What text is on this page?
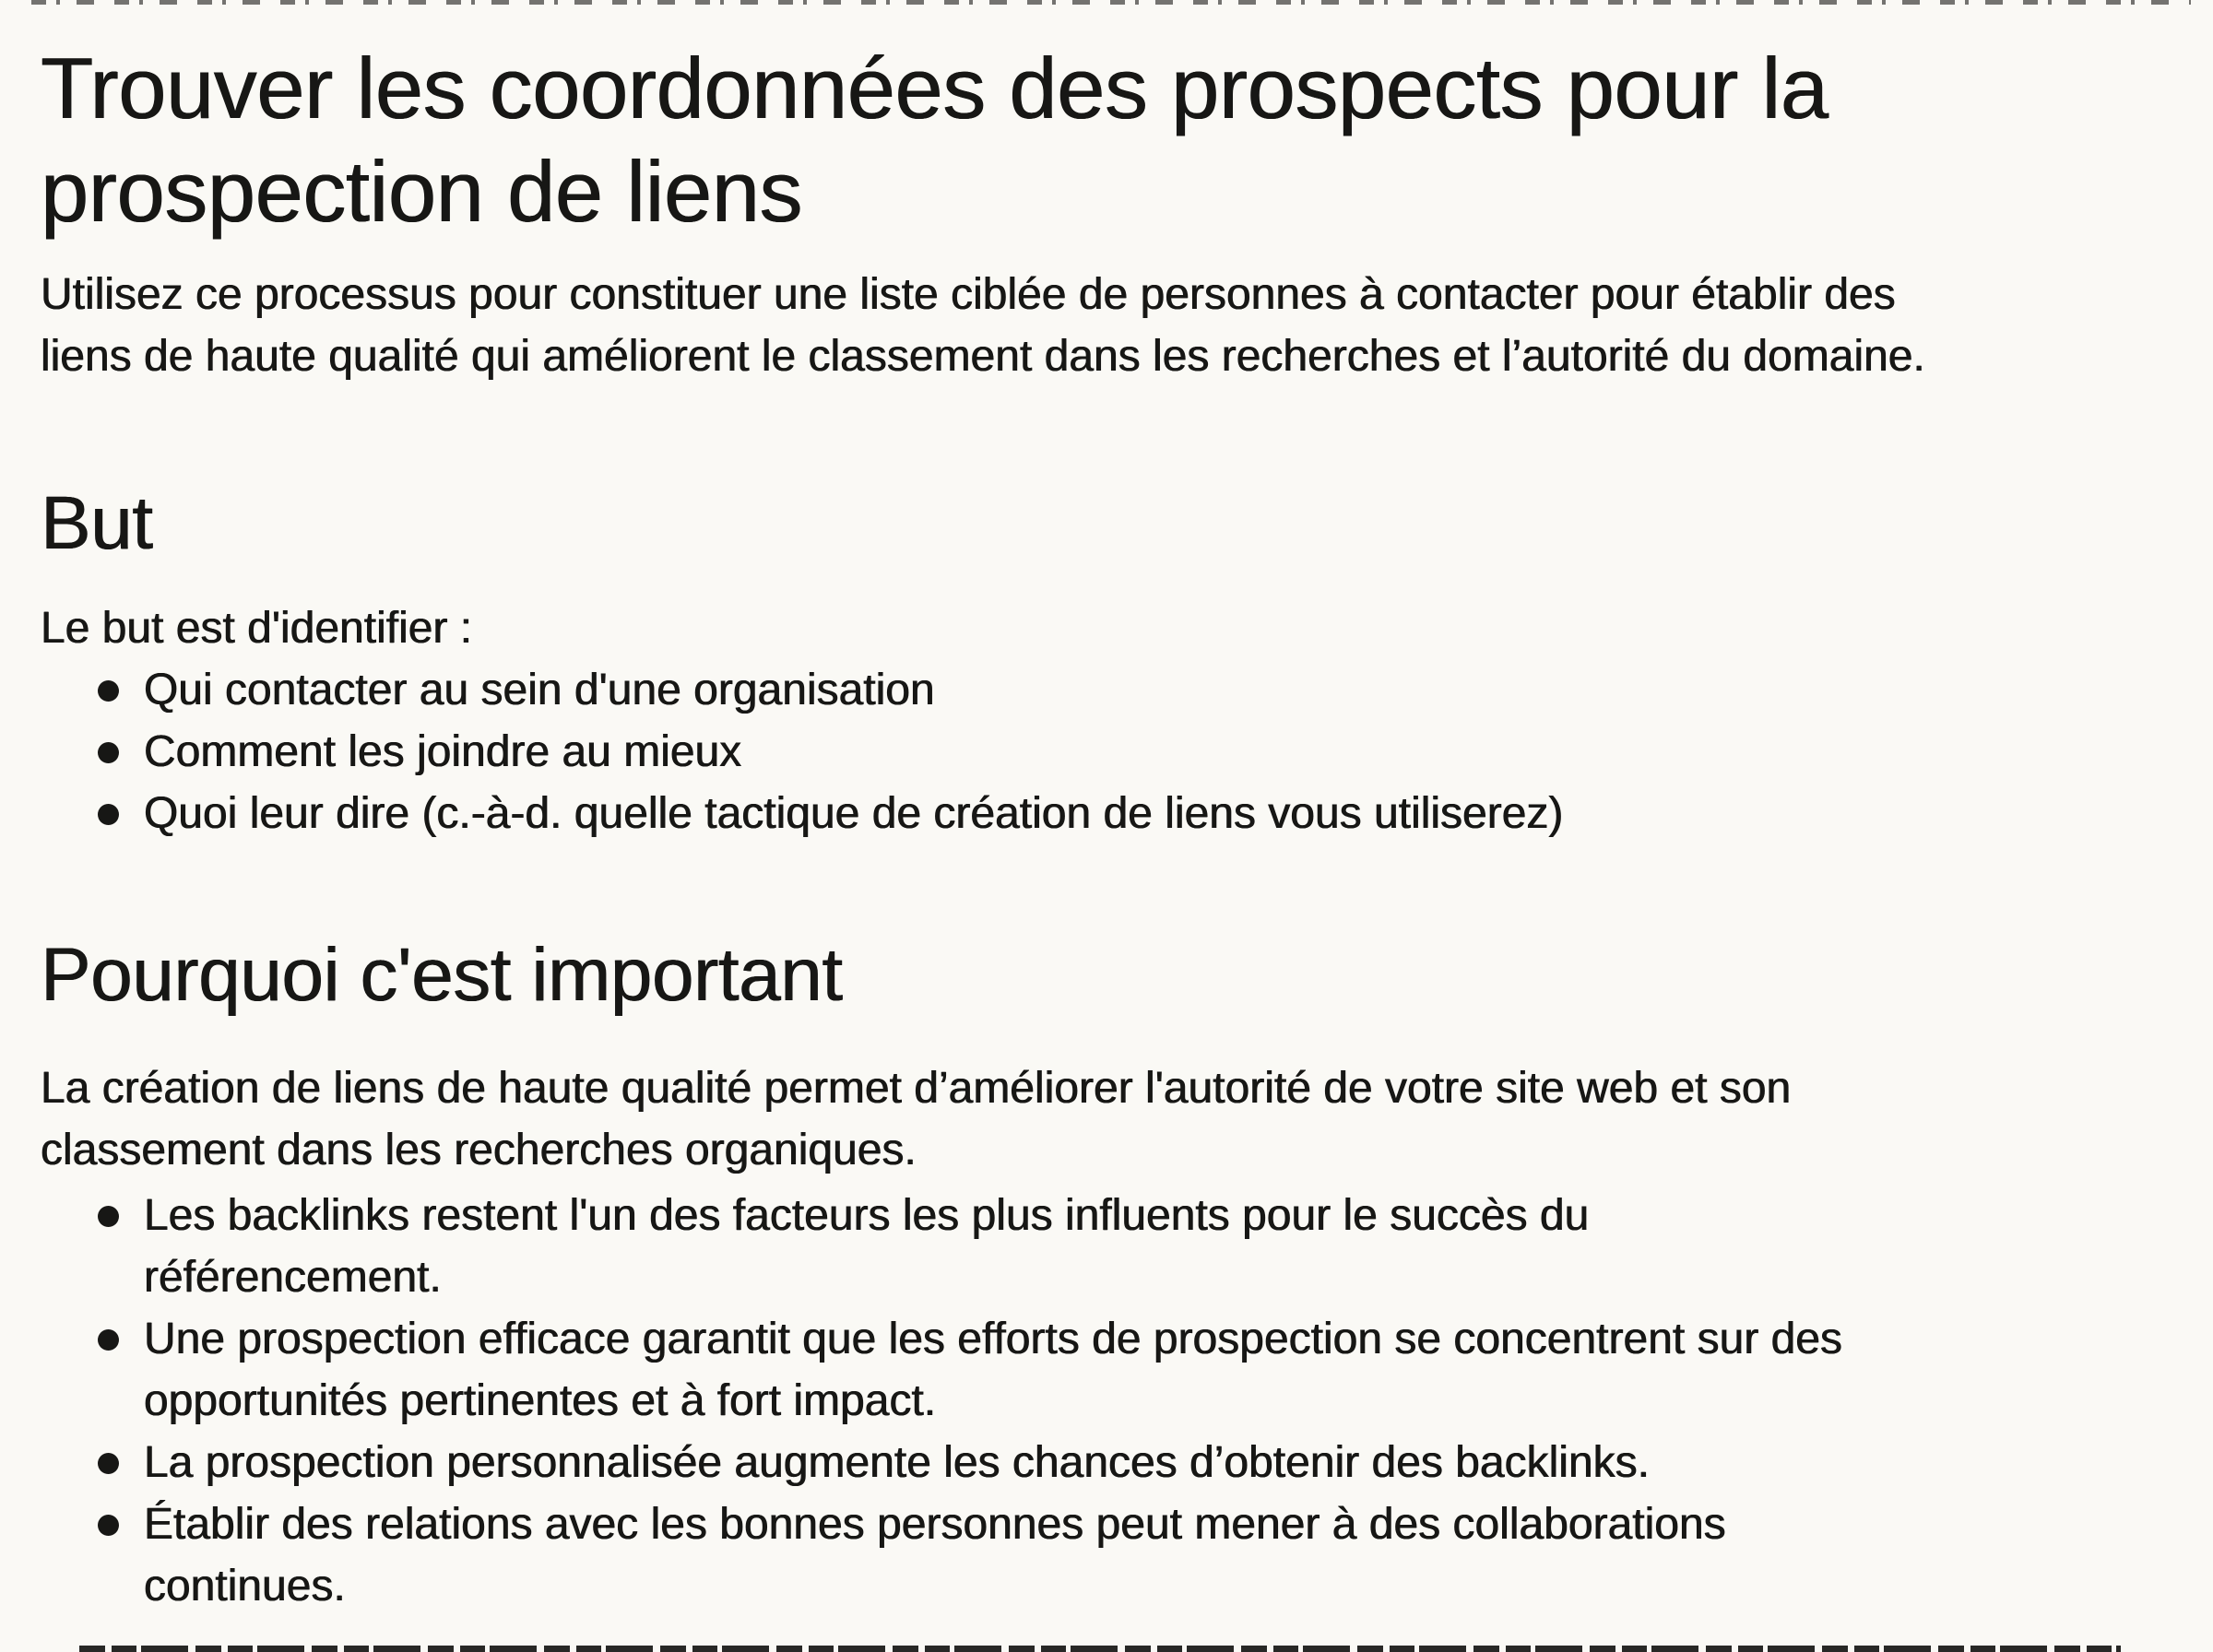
Trouver les coordonnées des prospects pour la
prospection de liens
Utilisez ce processus pour constituer une liste ciblée de personnes à contacter pour établir des
liens de haute qualité qui améliorent le classement dans les recherches et l’autorité du domaine.
But
Le but est d'identifier :
Qui contacter au sein d'une organisation
Comment les joindre au mieux
Quoi leur dire (c.-à-d. quelle tactique de création de liens vous utiliserez)
Pourquoi c'est important
La création de liens de haute qualité permet d’améliorer l'autorité de votre site web et son
classement dans les recherches organiques.
Les backlinks restent l'un des facteurs les plus influents pour le succès du
référencement.
Une prospection efficace garantit que les efforts de prospection se concentrent sur des
opportunités pertinentes et à fort impact.
La prospection personnalisée augmente les chances d’obtenir des backlinks.
Établir des relations avec les bonnes personnes peut mener à des collaborations
continues.
